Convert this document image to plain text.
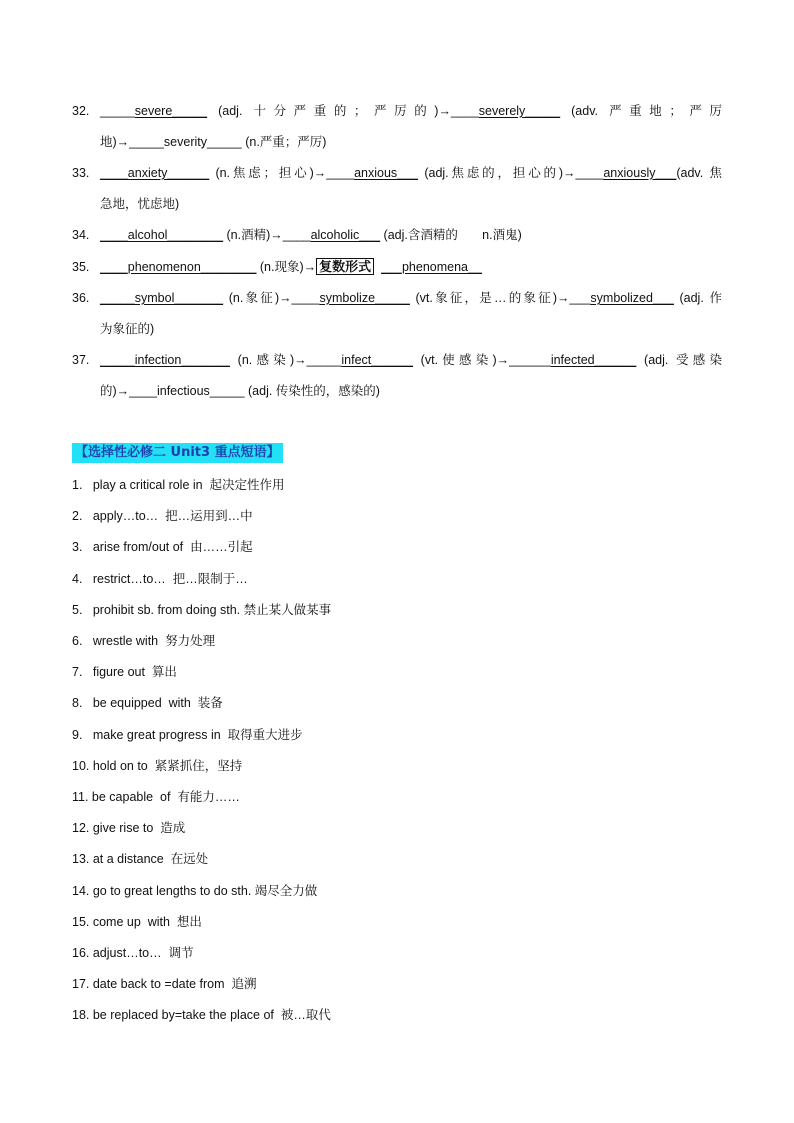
32. _____severe_____ (adj. 十分严重的；严厉的)→____severely_____ (adv. 严重地；严厉
地)→_____severity_____ (n.严重；严厉)
33. ____anxiety______ (n.焦虑；担心)→____anxious___ (adj.焦虑的，担心的)→____anxiously___(adv. 焦
急地，忧虑地)
34. ____alcohol________ (n.酒精)→____alcoholic___ (adj.含酒精的       n.酒鬼)
35. ____phenomenon________ (n.现象)→ 复数形式 ___phenomena__
36. _____symbol_______ (n.象征)→____symbolize_____ (vt.象征，是…的象征)→___symbolized___ (adj. 作
为象征的)
37. _____infection_______ (n.感染)→_____infect______ (vt.使感染)→______infected______ (adj. 受感染
的)→____infectious_____ (adj. 传染性的，感染的)
【选择性必修二 Unit3 重点短语】
1.   play a critical role in  起决定性作用
2.   apply…to…  把…运用到…中
3.   arise from/out of  由……引起
4.   restrict…to…  把…限制于…
5.   prohibit sb. from doing sth. 禁止某人做某事
6.   wrestle with  努力处理
7.   figure out  算出
8.   be equipped  with  装备
9.   make great progress in  取得重大进步
10. hold on to  紧紧抓住，坚持
11. be capable  of  有能力……
12. give rise to  造成
13. at a distance  在远处
14. go to great lengths to do sth. 竭尽全力做
15. come up  with  想出
16. adjust…to…  调节
17. date back to =date from  追溯
18. be replaced by=take the place of  被…取代
